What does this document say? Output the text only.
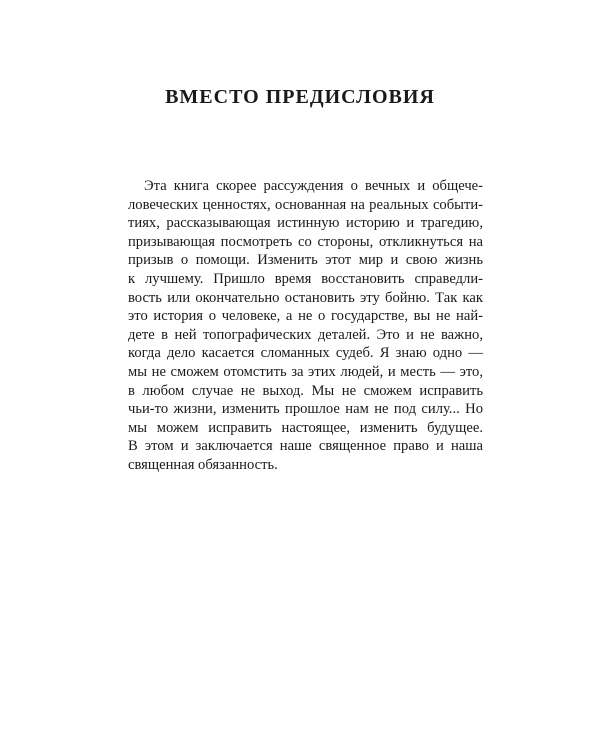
ВМЕСТО ПРЕДИСЛОВИЯ
Эта книга скорее рассуждения о вечных и общече-
ловеческих ценностях, основанная на реальных событи-
тиях, рассказывающая истинную историю и трагедию,
призывающая посмотреть со стороны, откликнуться на
призыв о помощи. Изменить этот мир и свою жизнь
к лучшему. Пришло время восстановить справедли-
вость или окончательно остановить эту бойню. Так как
это история о человеке, а не о государстве, вы не най-
дете в ней топографических деталей. Это и не важно,
когда дело касается сломанных судеб. Я знаю одно —
мы не сможем отомстить за этих людей, и месть — это,
в любом случае не выход. Мы не сможем исправить
чьи-то жизни, изменить прошлое нам не под силу... Но
мы можем исправить настоящее, изменить будущее.
В этом и заключается наше священное право и наша
священная обязанность.
